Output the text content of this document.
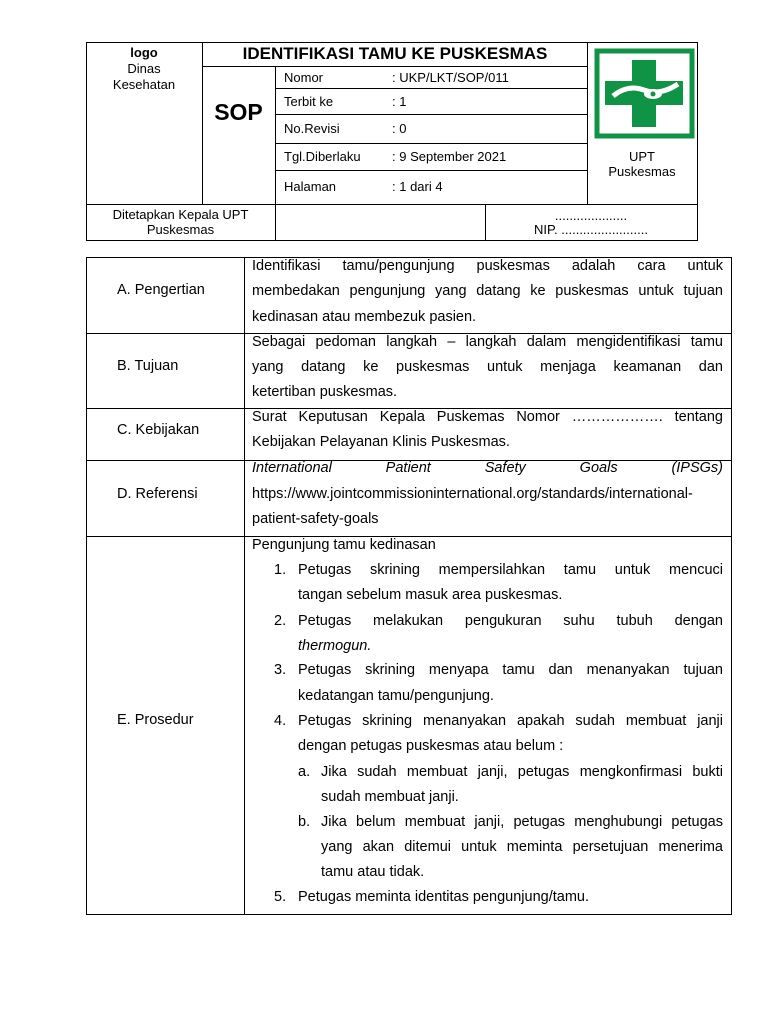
logo
Dinas
Kesehatan
IDENTIFIKASI TAMU KE PUSKESMAS
SOP
Nomor	: UKP/LKT/SOP/011
Terbit ke	: 1
No.Revisi	: 0
Tgl.Diberlaku : 9 September 2021
Halaman	: 1 dari 4
UPT
Puskesmas
Ditetapkan Kepala UPT
Puskesmas
....................
NIP. ........................
A. Pengertian
Identifikasi tamu/pengunjung puskesmas adalah cara untuk
membedakan pengunjung yang datang ke puskesmas untuk tujuan
kedinasan atau membezuk pasien.
B. Tujuan
Sebagai pedoman langkah – langkah dalam mengidentifikasi tamu
yang datang ke puskesmas untuk menjaga keamanan dan
ketertiban puskesmas.
C. Kebijakan
Surat Keputusan Kepala Puskemas Nomor ………………. tentang
Kebijakan Pelayanan Klinis Puskesmas.
D. Referensi
International Patient Safety Goals (IPSGs)
https://www.jointcommissioninternational.org/standards/international-
patient-safety-goals
E. Prosedur
Pengunjung tamu kedinasan
1. Petugas skrining mempersilahkan tamu untuk mencuci
tangan sebelum masuk area puskesmas.
2. Petugas melakukan pengukuran suhu tubuh dengan
thermogun.
3. Petugas skrining menyapa tamu dan menanyakan tujuan
kedatangan tamu/pengunjung.
4. Petugas skrining menanyakan apakah sudah membuat janji
dengan petugas puskesmas atau belum :
a. Jika sudah membuat janji, petugas mengkonfirmasi bukti
sudah membuat janji.
b. Jika belum membuat janji, petugas menghubungi petugas
yang akan ditemui untuk meminta persetujuan menerima
tamu atau tidak.
5. Petugas meminta identitas pengunjung/tamu.
